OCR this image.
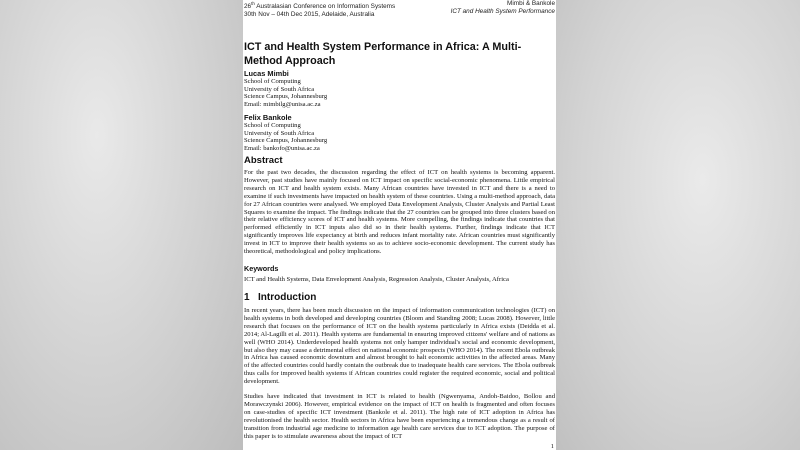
26th Australasian Conference on Information Systems
30th Nov – 04th Dec 2015, Adelaide, Australia
Mimbi & Bankole
ICT and Health System Performance
ICT and Health System Performance in Africa: A Multi-Method Approach
Lucas Mimbi
School of Computing
University of South Africa
Science Campus, Johannesburg
Email: mimbilg@unisa.ac.za
Felix Bankole
School of Computing
University of South Africa
Science Campus, Johannesburg
Email: bankofo@unisa.ac.za
Abstract
For the past two decades, the discussion regarding the effect of ICT on health systems is becoming apparent. However, past studies have mainly focused on ICT impact on specific social-economic phenomena. Little empirical research on ICT and health system exists. Many African countries have invested in ICT and there is a need to examine if such investments have impacted on health system of these countries. Using a multi-method approach, data for 27 African countries were analysed. We employed Data Envelopment Analysis, Cluster Analysis and Partial Least Squares to examine the impact. The findings indicate that the 27 countries can be grouped into three clusters based on their relative efficiency scores of ICT and health systems. More compelling, the findings indicate that countries that performed efficiently in ICT inputs also did so in their health systems. Further, findings indicate that ICT significantly improves life expectancy at birth and reduces infant mortality rate. African countries must significantly invest in ICT to improve their health systems so as to achieve socio-economic development. The current study has theoretical, methodological and policy implications.
Keywords
ICT and Health Systems, Data Envelopment Analysis, Regression Analysis, Cluster Analysis, Africa
1 Introduction
In recent years, there has been much discussion on the impact of information communication technologies (ICT) on health systems in both developed and developing countries (Bloom and Standing 2008; Lucas 2008). However, little research that focuses on the performance of ICT on the health systems particularly in Africa exists (Deidda et al. 2014; Al-Lagilli et al. 2011). Health systems are fundamental in ensuring improved citizens' welfare and of nations as well (WHO 2014). Underdeveloped health systems not only hamper individual's social and economic development, but also they may cause a detrimental effect on national economic prospects (WHO 2014). The recent Ebola outbreak in Africa has caused economic downturn and almost brought to halt economic activities in the affected areas. Many of the affected countries could hardly contain the outbreak due to inadequate health care services. The Ebola outbreak thus calls for improved health systems if African countries could register the required economic, social and political development.
Studies have indicated that investment in ICT is related to health (Ngwenyama, Andoh-Baidoo, Bollou and Morawczynski 2006). However, empirical evidence on the impact of ICT on health is fragmented and often focuses on case-studies of specific ICT investment (Bankole et al. 2011). The high rate of ICT adoption in Africa has revolutionised the health sector. Health sectors in Africa have been experiencing a tremendous change as a result of transition from industrial age medicine to information age health care services due to ICT adoption. The purpose of this paper is to stimulate awareness about the impact of ICT
1
